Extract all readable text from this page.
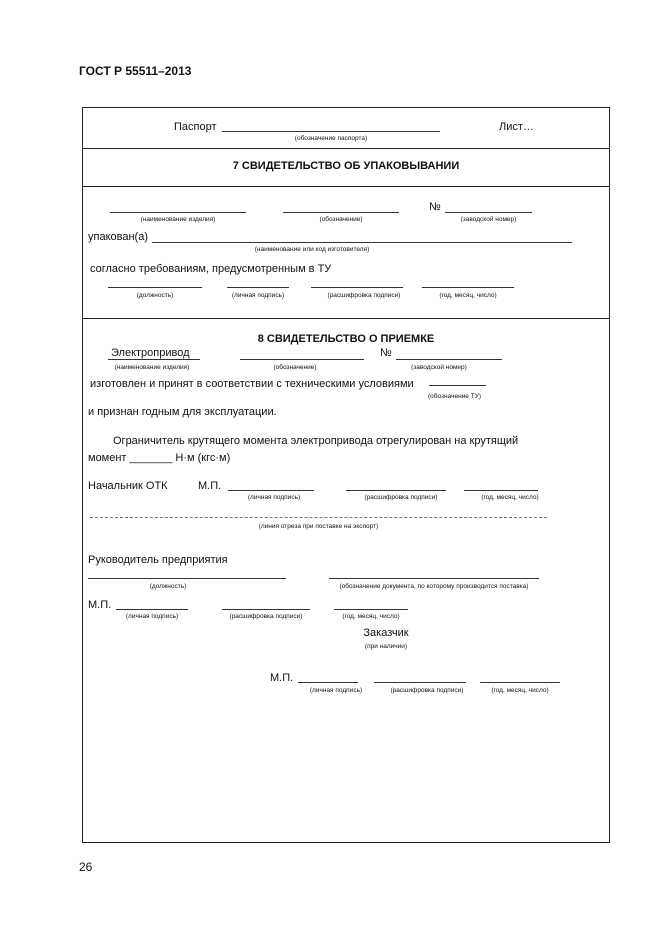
ГОСТ Р 55511–2013
Паспорт
(обозначение паспорта)
Лист…
7 СВИДЕТЕЛЬСТВО ОБ УПАКОВЫВАНИИ
(наименование изделия)	(обозначение)
№
(заводской номер)
упакован(а)
(наименование или код изготовителя)
согласно требованиям, предусмотренным в ТУ
(должность)	(личная подпись)	(расшифровка подписи)	(год, месяц, число)
8 СВИДЕТЕЛЬСТВО О ПРИЕМКЕ
Электропривод
(наименование изделия)	(обозначение)
№
(заводской номер)
изготовлен и принят в соответствии с техническими условиями
(обозначение ТУ)
и признан годным для эксплуатации.
Ограничитель крутящего момента электропривода отрегулирован на крутящий
момент _______ Н·м (кгс·м)
Начальник ОТК	М.П.
(личная подпись)	(расшифровка подписи)	(год, месяц, число)
(линия отреза при поставке на экспорт)
Руководитель предприятия
(должность)	(обозначение документа, по которому производится поставка)
М.П.
(личная подпись)	(расшифровка подписи)	(год, месяц, число)
Заказчик
(при наличии)
М.П.
(личная подпись)	(расшифровка подписи)	(год, месяц, число)
26
